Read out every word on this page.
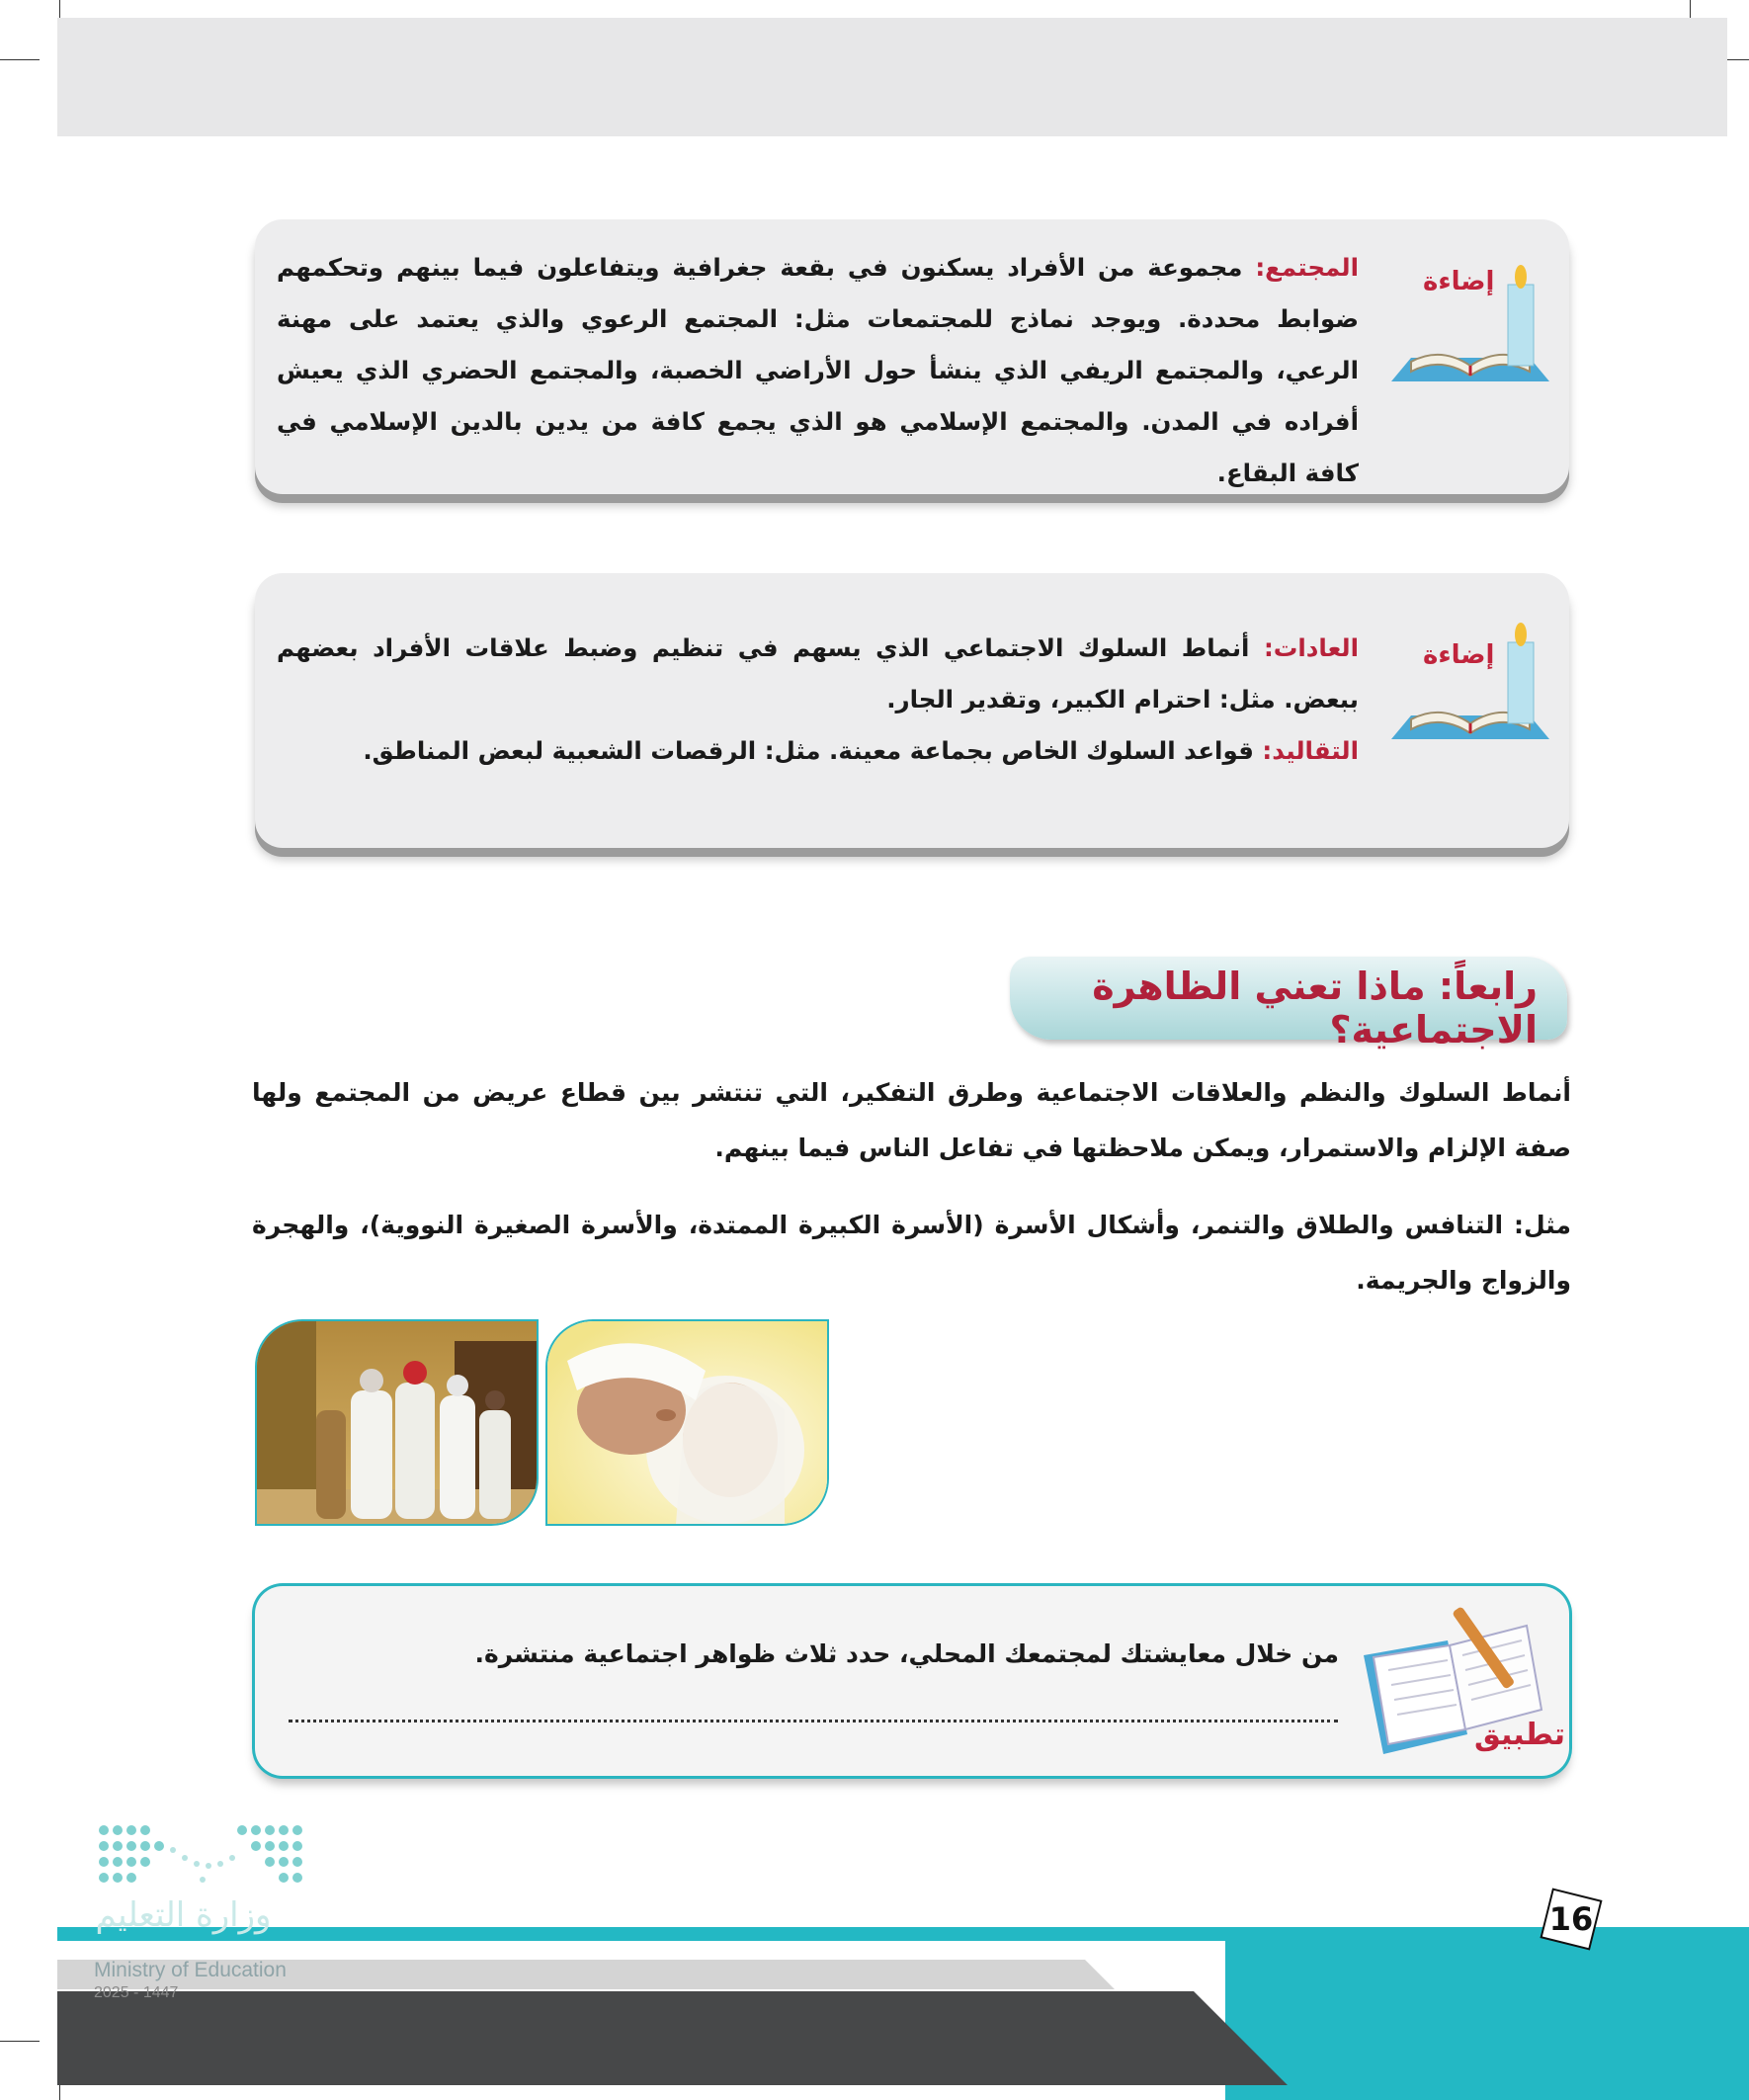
إضاءة
المجتمع: مجموعة من الأفراد يسكنون في بقعة جغرافية ويتفاعلون فيما بينهم وتحكمهم ضوابط محددة. ويوجد نماذج للمجتمعات مثل: المجتمع الرعوي والذي يعتمد على مهنة الرعي، والمجتمع الريفي الذي ينشأ حول الأراضي الخصبة، والمجتمع الحضري الذي يعيش أفراده في المدن. والمجتمع الإسلامي هو الذي يجمع كافة من يدين بالدين الإسلامي في كافة البقاع.
إضاءة
العادات: أنماط السلوك الاجتماعي الذي يسهم في تنظيم وضبط علاقات الأفراد بعضهم ببعض. مثل: احترام الكبير، وتقدير الجار.
التقاليد: قواعد السلوك الخاص بجماعة معينة. مثل: الرقصات الشعبية لبعض المناطق.
رابعاً: ماذا تعني الظاهرة الاجتماعية؟
أنماط السلوك والنظم والعلاقات الاجتماعية وطرق التفكير، التي تنتشر بين قطاع عريض من المجتمع ولها صفة الإلزام والاستمرار، ويمكن ملاحظتها في تفاعل الناس فيما بينهم.
مثل: التنافس والطلاق والتنمر، وأشكال الأسرة (الأسرة الكبيرة الممتدة، والأسرة الصغيرة النووية)، والهجرة والزواج والجريمة.
تطبيق
من خلال معايشتك لمجتمعك المحلي، حدد ثلاث ظواهر اجتماعية منتشرة.
وزارة التعليم
Ministry of Education
2025 - 1447
16
